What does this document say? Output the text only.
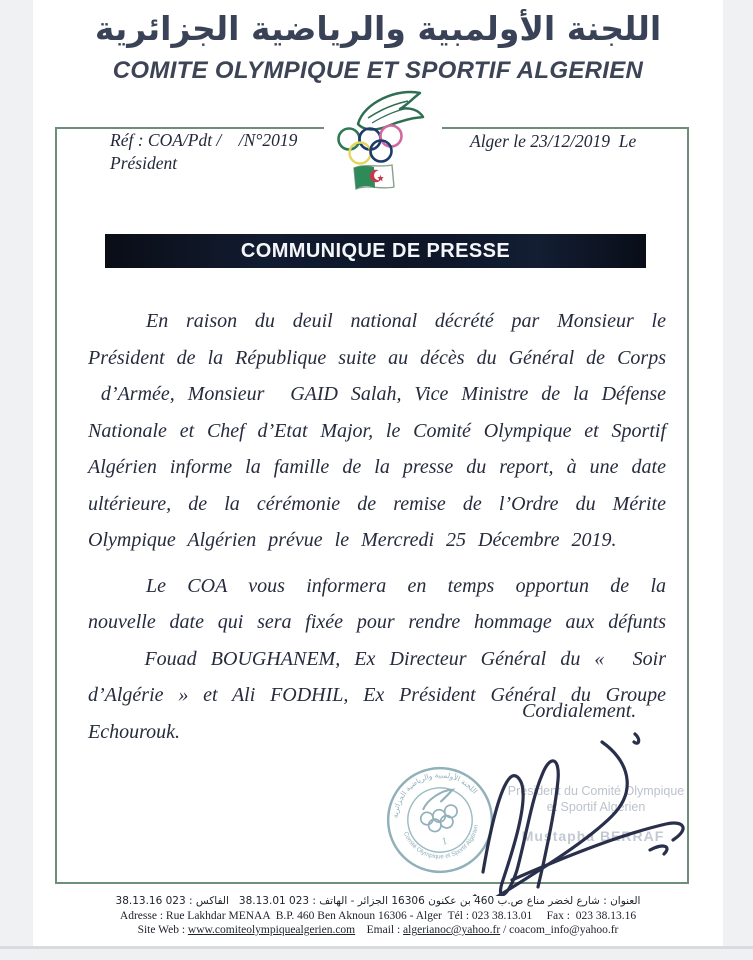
اللجنة الأولمبية والرياضية الجزائرية
COMITE OLYMPIQUE ET SPORTIF ALGERIEN
Réf : COA/Pdt /    /N°2019
Président
Alger le 23/12/2019  Le
COMMUNIQUE DE PRESSE

En raison du deuil national décrété par Monsieur le Président de la République suite au décès du Général de Corps  d’Armée, Monsieur  GAID Salah, Vice Ministre de la Défense Nationale et Chef d’Etat Major, le Comité Olympique et Sportif Algérien informe la famille de la presse du report, à une date ultérieure, de la cérémonie de remise de l’Ordre du Mérite Olympique Algérien prévue le Mercredi 25 Décembre 2019.

Le COA vous informera en temps opportun de la nouvelle date qui sera fixée pour rendre hommage aux défunts     Fouad BOUGHANEM, Ex Directeur Général du «  Soir d’Algérie » et Ali FODHIL, Ex Président Général du Groupe Echourouk.

Cordialement.
اللجنة الأولمبية والرياضية الجزائرية
Comité Olympique et Sportif Algérien
1
Président du Comité Olympique
et Sportif Algérien
Mustapha BERRAF
العنوان : شارع لخضر مناع ص.ب 460 بن عكنون 16306 الجزائر - الهاتف : 023 38.13.01   الفاكس : 023 38.13.16
Adresse : Rue Lakhdar MENAA  B.P. 460 Ben Aknoun 16306 - Alger  Tél : 023 38.13.01     Fax :  023 38.13.16
Site Web : www.comiteolympiquealgerien.com    Email : algerianoc@yahoo.fr / coacom_info@yahoo.fr
